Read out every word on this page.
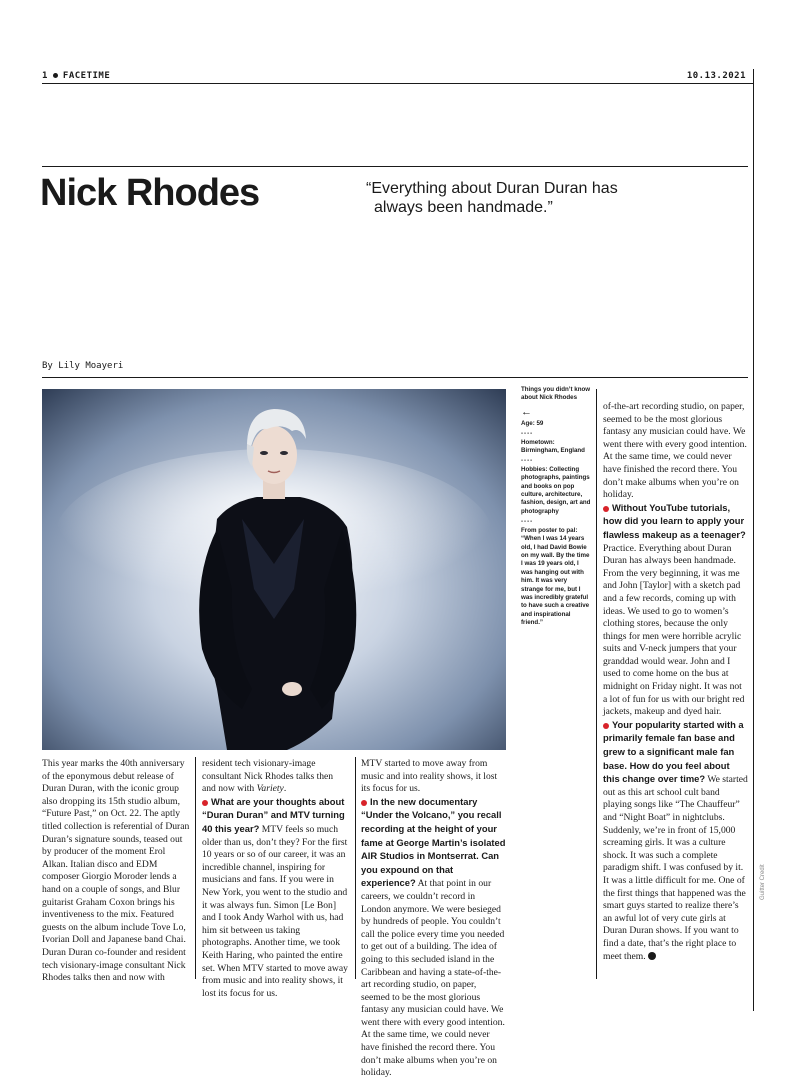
1 FACETIME	10.13.2021
Nick Rhodes	“Everything about Duran Duran has
always been handmade.”
By Lily Moayeri
Things you didn’t know about Nick Rhodes
←
Age: 59
----
Hometown: Birmingham, England
----
Hobbies: Collecting photographs, paintings and books on pop culture, architecture, fashion, design, art and photography
----
From poster to pal: “When I was 14 years old, I had David Bowie on my wall. By the time I was 19 years old, I was hanging out with him. It was very strange for me, but I was incredibly grateful to have such a creative and inspirational friend.”

This year marks the 40th anniversary of the eponymous debut release of Duran Duran, with the iconic group also dropping its 15th studio album, “Future Past,” on Oct. 22. The aptly titled collection is referential of Duran Duran’s signature sounds, teased out by producer of the moment Erol Alkan. Italian disco and EDM composer Giorgio Moroder lends a hand on a couple of songs, and Blur guitarist Graham Coxon brings his inventiveness to the mix. Featured guests on the album include Tove Lo, Ivorian Doll and Japanese band Chai. Duran Duran co-founder and resident tech visionary-image consultant Nick Rhodes talks then and now with

resident tech visionary-image consultant Nick Rhodes talks then and now with Variety.

What are your thoughts about “Duran Duran” and MTV turning 40 this year? MTV feels so much older than us, don’t they? For the first 10 years or so of our career, it was an incredible channel, inspiring for musicians and fans. If you were in New York, you went to the studio and it was always fun. Simon [Le Bon] and I took Andy Warhol with us, had him sit between us taking photographs. Another time, we took Keith Haring, who painted the entire set. When MTV started to move away from music and into reality shows, it lost its focus for us.

MTV started to move away from music and into reality shows, it lost its focus for us.

In the new documentary “Under the Volcano,” you recall recording at the height of your fame at George Martin’s isolated AIR Studios in Montserrat. Can you expound on that experience? At that point in our careers, we couldn’t record in London anymore. We were besieged by hundreds of people. You couldn’t call the police every time you needed to get out of a building. The idea of going to this secluded island in the Caribbean and having a state-of-the-art recording studio, on paper, seemed to be the most glorious fantasy any musician could have. We went there with every good intention. At the same time, we could never have finished the record there. You don’t make albums when you’re on holiday.

of-the-art recording studio, on paper, seemed to be the most glorious fantasy any musician could have. We went there with every good intention. At the same time, we could never have finished the record there. You don’t make albums when you’re on holiday.

Without YouTube tutorials, how did you learn to apply your flawless makeup as a teenager? Practice. Everything about Duran Duran has always been handmade. From the very beginning, it was me and John [Taylor] with a sketch pad and a few records, coming up with ideas. We used to go to women’s clothing stores, because the only things for men were horrible acrylic suits and V-neck jumpers that your granddad would wear. John and I used to come home on the bus at midnight on Friday night. It was not a lot of fun for us with our bright red jackets, makeup and dyed hair.

Your popularity started with a primarily female fan base and grew to a significant male fan base. How do you feel about this change over time? We started out as this art school cult band playing songs like “The Chauffeur” and “Night Boat” in nightclubs. Suddenly, we’re in front of 15,000 screaming girls. It was a culture shock. It was such a complete paradigm shift. I was confused by it. It was a little difficult for me. One of the first things that happened was the smart guys started to realize there’s an awful lot of very cute girls at Duran Duran shows. If you want to find a date, that’s the right place to meet them.

Guitter Credit
